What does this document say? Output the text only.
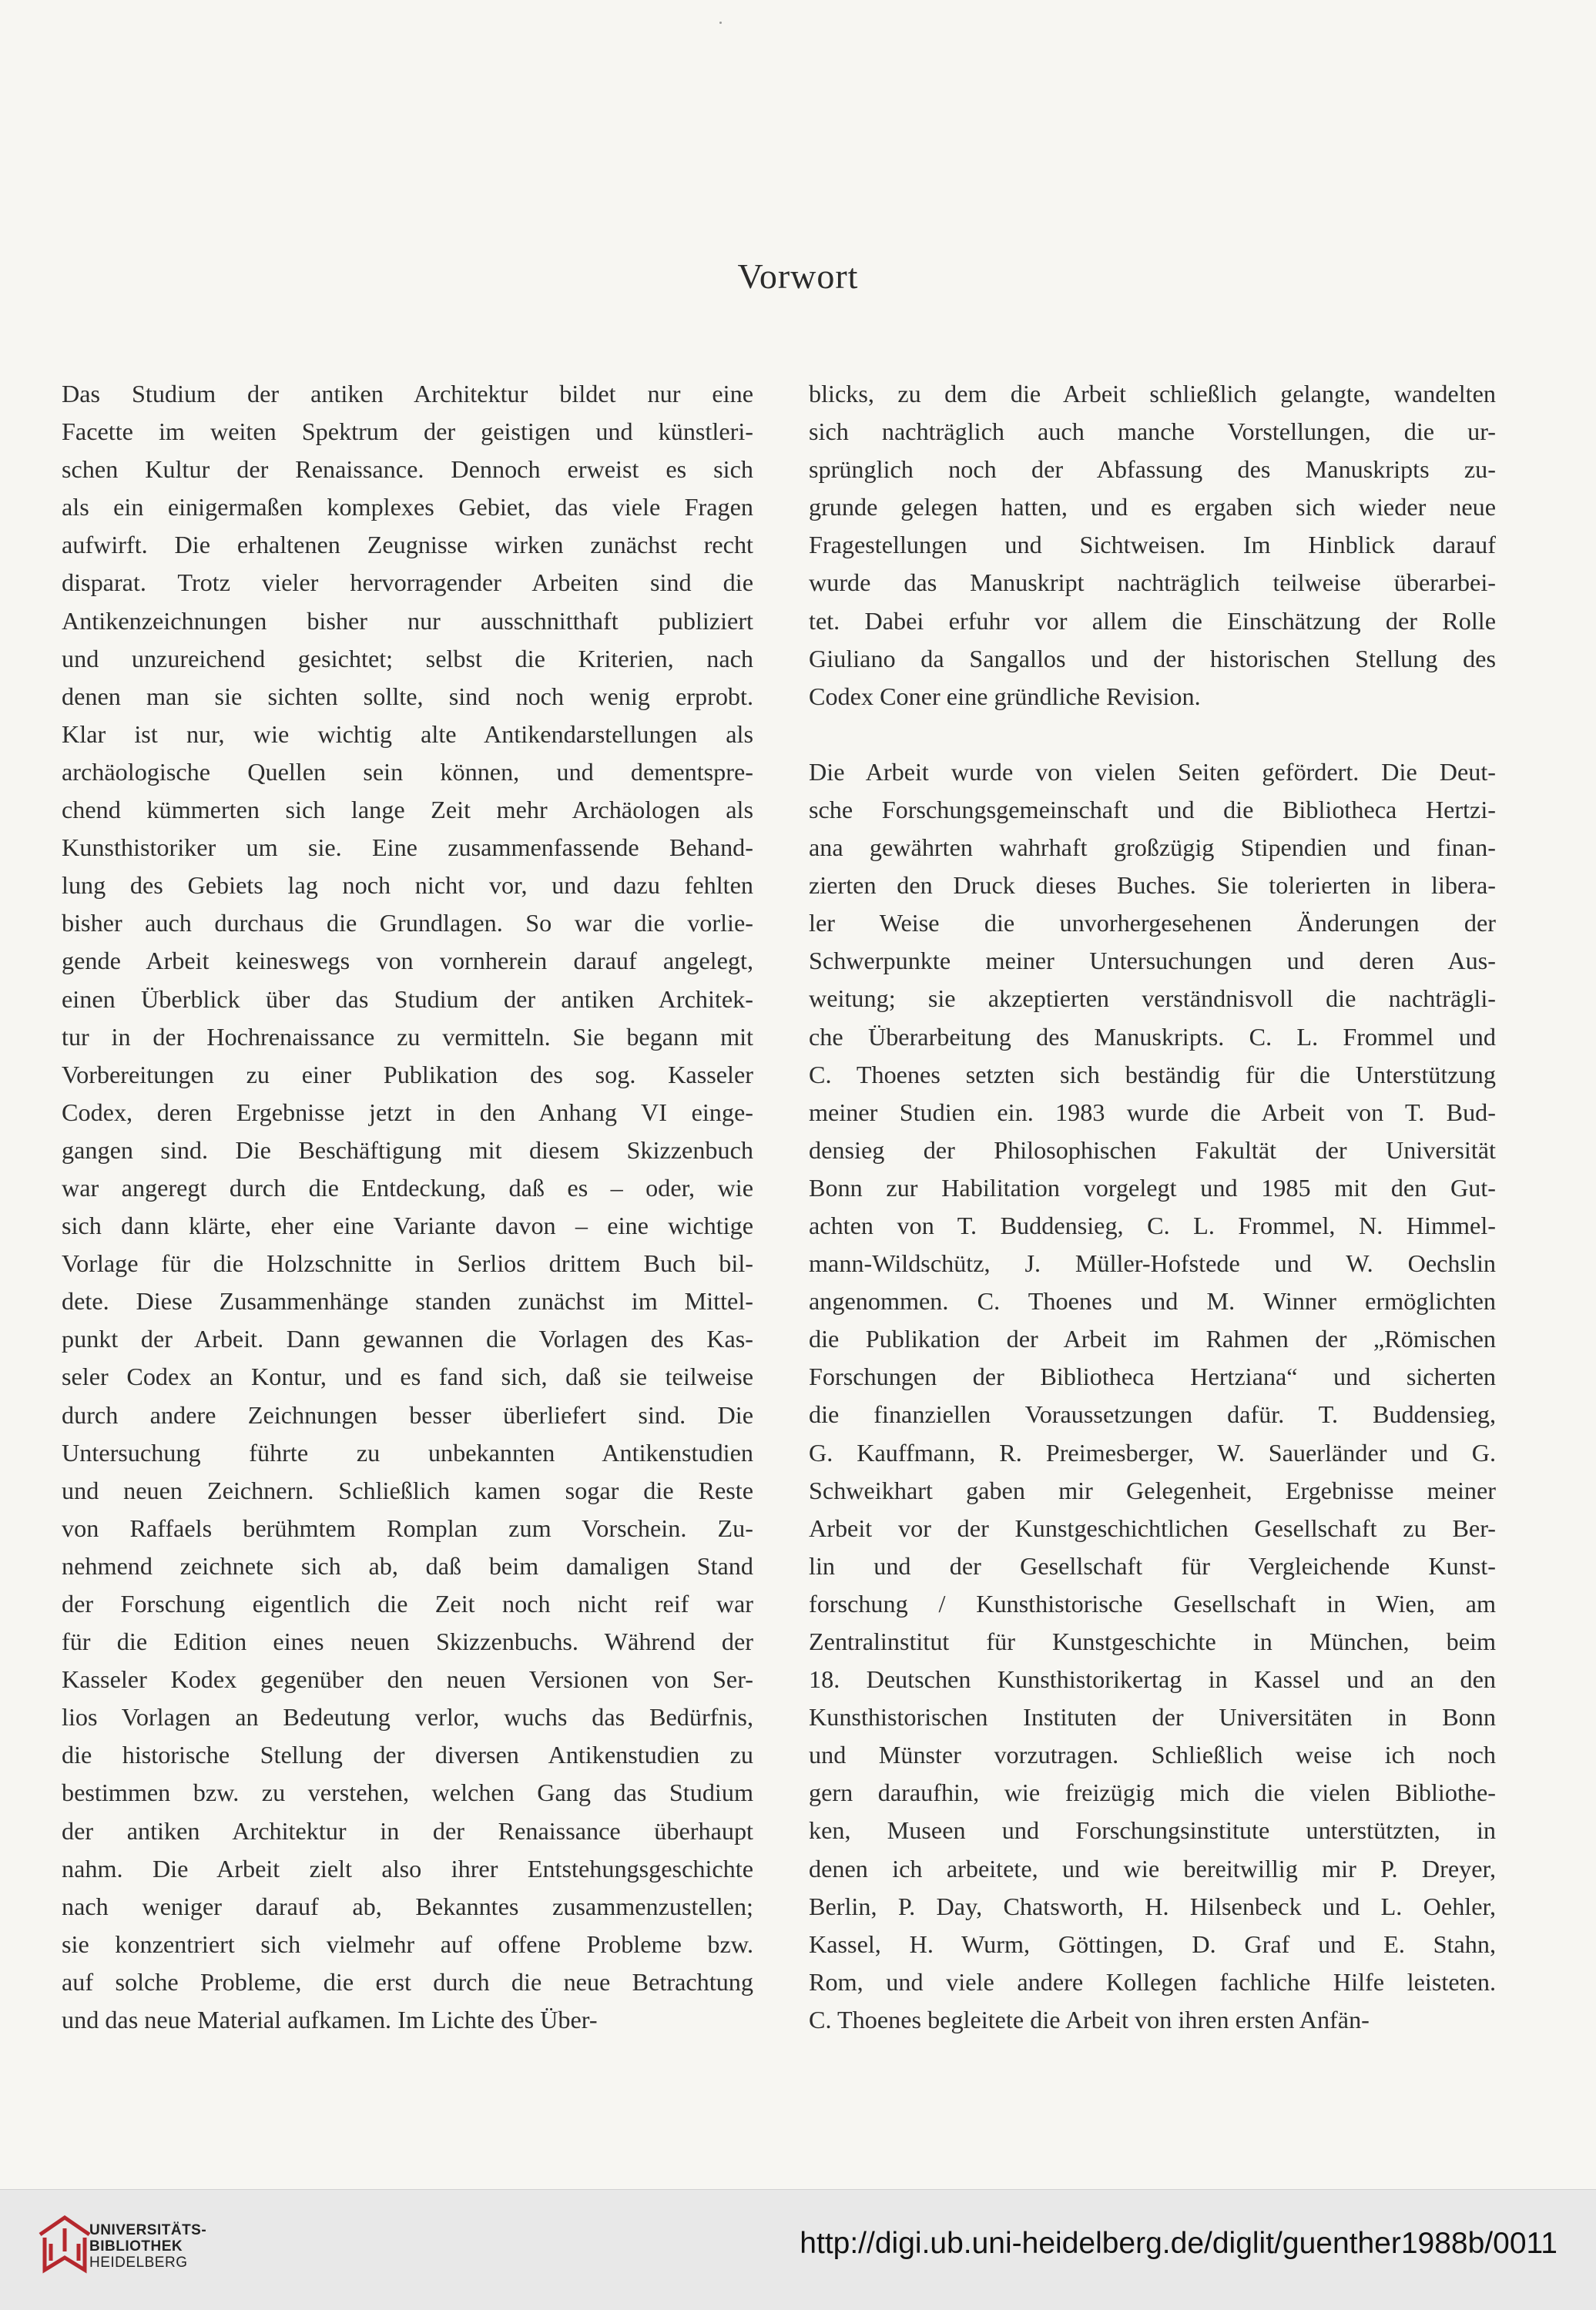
Vorwort

Das Studium der antiken Architektur bildet nur eine

Facette im weiten Spektrum der geistigen und künstleri-

schen Kultur der Renaissance. Dennoch erweist es sich

als ein einigermaßen komplexes Gebiet, das viele Fragen

aufwirft. Die erhaltenen Zeugnisse wirken zunächst recht

disparat. Trotz vieler hervorragender Arbeiten sind die

Antikenzeichnungen bisher nur ausschnitthaft publiziert

und unzureichend gesichtet; selbst die Kriterien, nach

denen man sie sichten sollte, sind noch wenig erprobt.

Klar ist nur, wie wichtig alte Antikendarstellungen als

archäologische Quellen sein können, und dementspre-

chend kümmerten sich lange Zeit mehr Archäologen als

Kunsthistoriker um sie. Eine zusammenfassende Behand-

lung des Gebiets lag noch nicht vor, und dazu fehlten

bisher auch durchaus die Grundlagen. So war die vorlie-

gende Arbeit keineswegs von vornherein darauf angelegt,

einen Überblick über das Studium der antiken Architek-

tur in der Hochrenaissance zu vermitteln. Sie begann mit

Vorbereitungen zu einer Publikation des sog. Kasseler

Codex, deren Ergebnisse jetzt in den Anhang VI einge-

gangen sind. Die Beschäftigung mit diesem Skizzenbuch

war angeregt durch die Entdeckung, daß es – oder, wie

sich dann klärte, eher eine Variante davon – eine wichtige

Vorlage für die Holzschnitte in Serlios drittem Buch bil-

dete. Diese Zusammenhänge standen zunächst im Mittel-

punkt der Arbeit. Dann gewannen die Vorlagen des Kas-

seler Codex an Kontur, und es fand sich, daß sie teilweise

durch andere Zeichnungen besser überliefert sind. Die

Untersuchung führte zu unbekannten Antikenstudien

und neuen Zeichnern. Schließlich kamen sogar die Reste

von Raffaels berühmtem Romplan zum Vorschein. Zu-

nehmend zeichnete sich ab, daß beim damaligen Stand

der Forschung eigentlich die Zeit noch nicht reif war

für die Edition eines neuen Skizzenbuchs. Während der

Kasseler Kodex gegenüber den neuen Versionen von Ser-

lios Vorlagen an Bedeutung verlor, wuchs das Bedürfnis,

die historische Stellung der diversen Antikenstudien zu

bestimmen bzw. zu verstehen, welchen Gang das Studium

der antiken Architektur in der Renaissance überhaupt

nahm. Die Arbeit zielt also ihrer Entstehungsgeschichte

nach weniger darauf ab, Bekanntes zusammenzustellen;

sie konzentriert sich vielmehr auf offene Probleme bzw.

auf solche Probleme, die erst durch die neue Betrachtung

und das neue Material aufkamen. Im Lichte des Über-

blicks, zu dem die Arbeit schließlich gelangte, wandelten

sich nachträglich auch manche Vorstellungen, die ur-

sprünglich noch der Abfassung des Manuskripts zu-

grunde gelegen hatten, und es ergaben sich wieder neue

Fragestellungen und Sichtweisen. Im Hinblick darauf

wurde das Manuskript nachträglich teilweise überarbei-

tet. Dabei erfuhr vor allem die Einschätzung der Rolle

Giuliano da Sangallos und der historischen Stellung des

Codex Coner eine gründliche Revision.

Die Arbeit wurde von vielen Seiten gefördert. Die Deut-

sche Forschungsgemeinschaft und die Bibliotheca Hertzi-

ana gewährten wahrhaft großzügig Stipendien und finan-

zierten den Druck dieses Buches. Sie tolerierten in libera-

ler Weise die unvorhergesehenen Änderungen der

Schwerpunkte meiner Untersuchungen und deren Aus-

weitung; sie akzeptierten verständnisvoll die nachträgli-

che Überarbeitung des Manuskripts. C. L. Frommel und

C. Thoenes setzten sich beständig für die Unterstützung

meiner Studien ein. 1983 wurde die Arbeit von T. Bud-

densieg der Philosophischen Fakultät der Universität

Bonn zur Habilitation vorgelegt und 1985 mit den Gut-

achten von T. Buddensieg, C. L. Frommel, N. Himmel-

mann-Wildschütz, J. Müller-Hofstede und W. Oechslin

angenommen. C. Thoenes und M. Winner ermöglichten

die Publikation der Arbeit im Rahmen der „Römischen

Forschungen der Bibliotheca Hertziana“ und sicherten

die finanziellen Voraussetzungen dafür. T. Buddensieg,

G. Kauffmann, R. Preimesberger, W. Sauerländer und G.

Schweikhart gaben mir Gelegenheit, Ergebnisse meiner

Arbeit vor der Kunstgeschichtlichen Gesellschaft zu Ber-

lin und der Gesellschaft für Vergleichende Kunst-

forschung / Kunsthistorische Gesellschaft in Wien, am

Zentralinstitut für Kunstgeschichte in München, beim

18. Deutschen Kunsthistorikertag in Kassel und an den

Kunsthistorischen Instituten der Universitäten in Bonn

und Münster vorzutragen. Schließlich weise ich noch

gern daraufhin, wie freizügig mich die vielen Bibliothe-

ken, Museen und Forschungsinstitute unterstützten, in

denen ich arbeitete, und wie bereitwillig mir P. Dreyer,

Berlin, P. Day, Chatsworth, H. Hilsenbeck und L. Oehler,

Kassel, H. Wurm, Göttingen, D. Graf und E. Stahn,

Rom, und viele andere Kollegen fachliche Hilfe leisteten.

C. Thoenes begleitete die Arbeit von ihren ersten Anfän-

UNIVERSITÄTS-
BIBLIOTHEK
HEIDELBERG
http://digi.ub.uni-heidelberg.de/diglit/guenther1988b/0011
